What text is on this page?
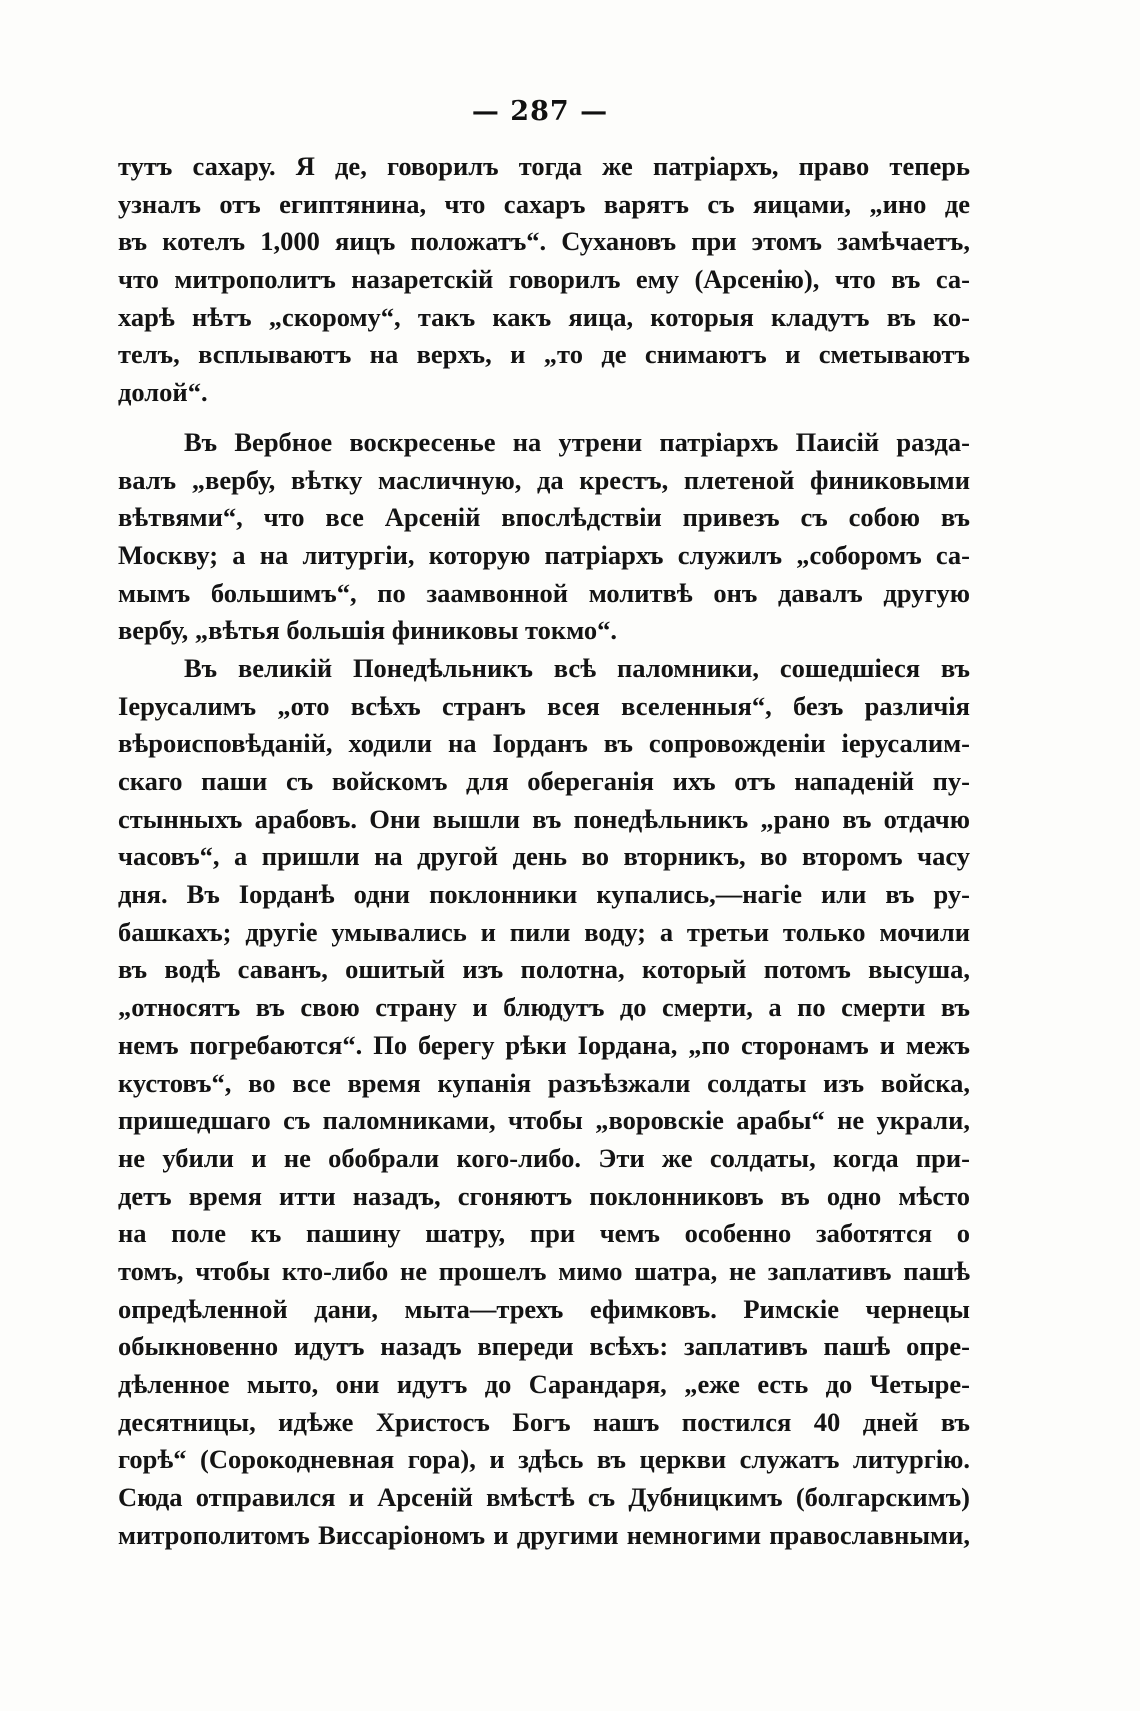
— 287 —
тутъ сахару. Я де, говорилъ тогда же патріархъ, право теперь
узналъ отъ египтянина, что сахаръ варятъ съ яицами, „ино де
въ котелъ 1,000 яицъ положатъ“. Сухановъ при этомъ замѣчаетъ,
что митрополитъ назаретскій говорилъ ему (Арсенію), что въ са-
харѣ нѣтъ „скорому“, такъ какъ яица, которыя кладутъ въ ко-
телъ, всплываютъ на верхъ, и „то де снимаютъ и сметываютъ
долой“.
Въ Вербное воскресенье на утрени патріархъ Паисій разда-
валъ „вербу, вѣтку масличную, да крестъ, плетеной финиковыми
вѣтвями“, что все Арсеній впослѣдствіи привезъ съ собою въ
Москву; а на литургіи, которую патріархъ служилъ „соборомъ са-
мымъ большимъ“, по заамвонной молитвѣ онъ давалъ другую
вербу, „вѣтья большія финиковы токмо“.
Въ великій Понедѣльникъ всѣ паломники, сошедшіеся въ
Іерусалимъ „ото всѣхъ странъ всея вселенныя“, безъ различія
вѣроисповѣданій, ходили на Іорданъ въ сопровожденіи іерусалим-
скаго паши съ войскомъ для обереганія ихъ отъ нападеній пу-
стынныхъ арабовъ. Они вышли въ понедѣльникъ „рано въ отдачю
часовъ“, а пришли на другой день во вторникъ, во второмъ часу
дня. Въ Іорданѣ одни поклонники купались,—нагіе или въ ру-
башкахъ; другіе умывались и пили воду; а третьи только мочили
въ водѣ саванъ, ошитый изъ полотна, который потомъ высуша,
„относятъ въ свою страну и блюдутъ до смерти, а по смерти въ
немъ погребаются“. По берегу рѣки Іордана, „по сторонамъ и межъ
кустовъ“, во все время купанія разъѣзжали солдаты изъ войска,
пришедшаго съ паломниками, чтобы „воровскіе арабы“ не украли,
не убили и не обобрали кого-либо. Эти же солдаты, когда при-
детъ время итти назадъ, сгоняютъ поклонниковъ въ одно мѣсто
на поле къ пашину шатру, при чемъ особенно заботятся о
томъ, чтобы кто-либо не прошелъ мимо шатра, не заплативъ пашѣ
опредѣленной дани, мыта—трехъ ефимковъ. Римскіе чернецы
обыкновенно идутъ назадъ впереди всѣхъ: заплативъ пашѣ опре-
дѣленное мыто, они идутъ до Сарандаря, „еже есть до Четыре-
десятницы, идѣже Христосъ Богъ нашъ постился 40 дней въ
горѣ“ (Сорокодневная гора), и здѣсь въ церкви служатъ литургію.
Сюда отправился и Арсеній вмѣстѣ съ Дубницкимъ (болгарскимъ)
митрополитомъ Виссаріономъ и другими немногими православными,
